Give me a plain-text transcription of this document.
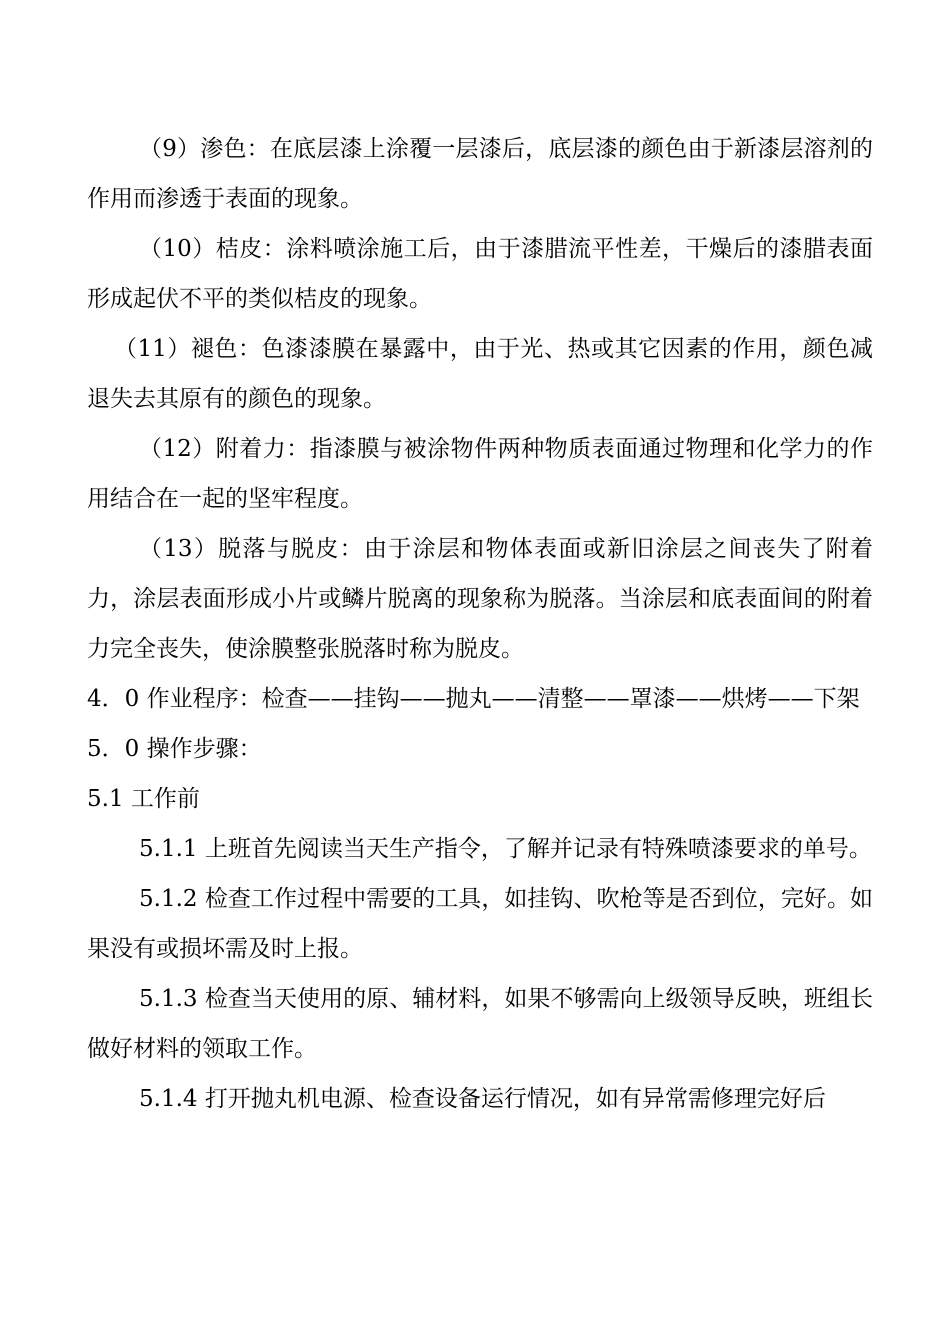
（9）渗色：在底层漆上涂覆一层漆后，底层漆的颜色由于新漆层溶剂的作用而渗透于表面的现象。

（10）桔皮：涂料喷涂施工后，由于漆腊流平性差，干燥后的漆腊表面形成起伏不平的类似桔皮的现象。

（11）褪色：色漆漆膜在暴露中，由于光、热或其它因素的作用，颜色减退失去其原有的颜色的现象。

（12）附着力：指漆膜与被涂物件两种物质表面通过物理和化学力的作用结合在一起的坚牢程度。

（13）脱落与脱皮：由于涂层和物体表面或新旧涂层之间丧失了附着力，涂层表面形成小片或鳞片脱离的现象称为脱落。当涂层和底表面间的附着力完全丧失，使涂膜整张脱落时称为脱皮。

4．0 作业程序：检查——挂钩——抛丸——清整——罩漆——烘烤——下架

5．0 操作步骤：

5.1 工作前

5.1.1 上班首先阅读当天生产指令，了解并记录有特殊喷漆要求的单号。

5.1.2 检查工作过程中需要的工具，如挂钩、吹枪等是否到位，完好。如果没有或损坏需及时上报。

5.1.3 检查当天使用的原、辅材料，如果不够需向上级领导反映，班组长做好材料的领取工作。

5.1.4 打开抛丸机电源、检查设备运行情况，如有异常需修理完好后
